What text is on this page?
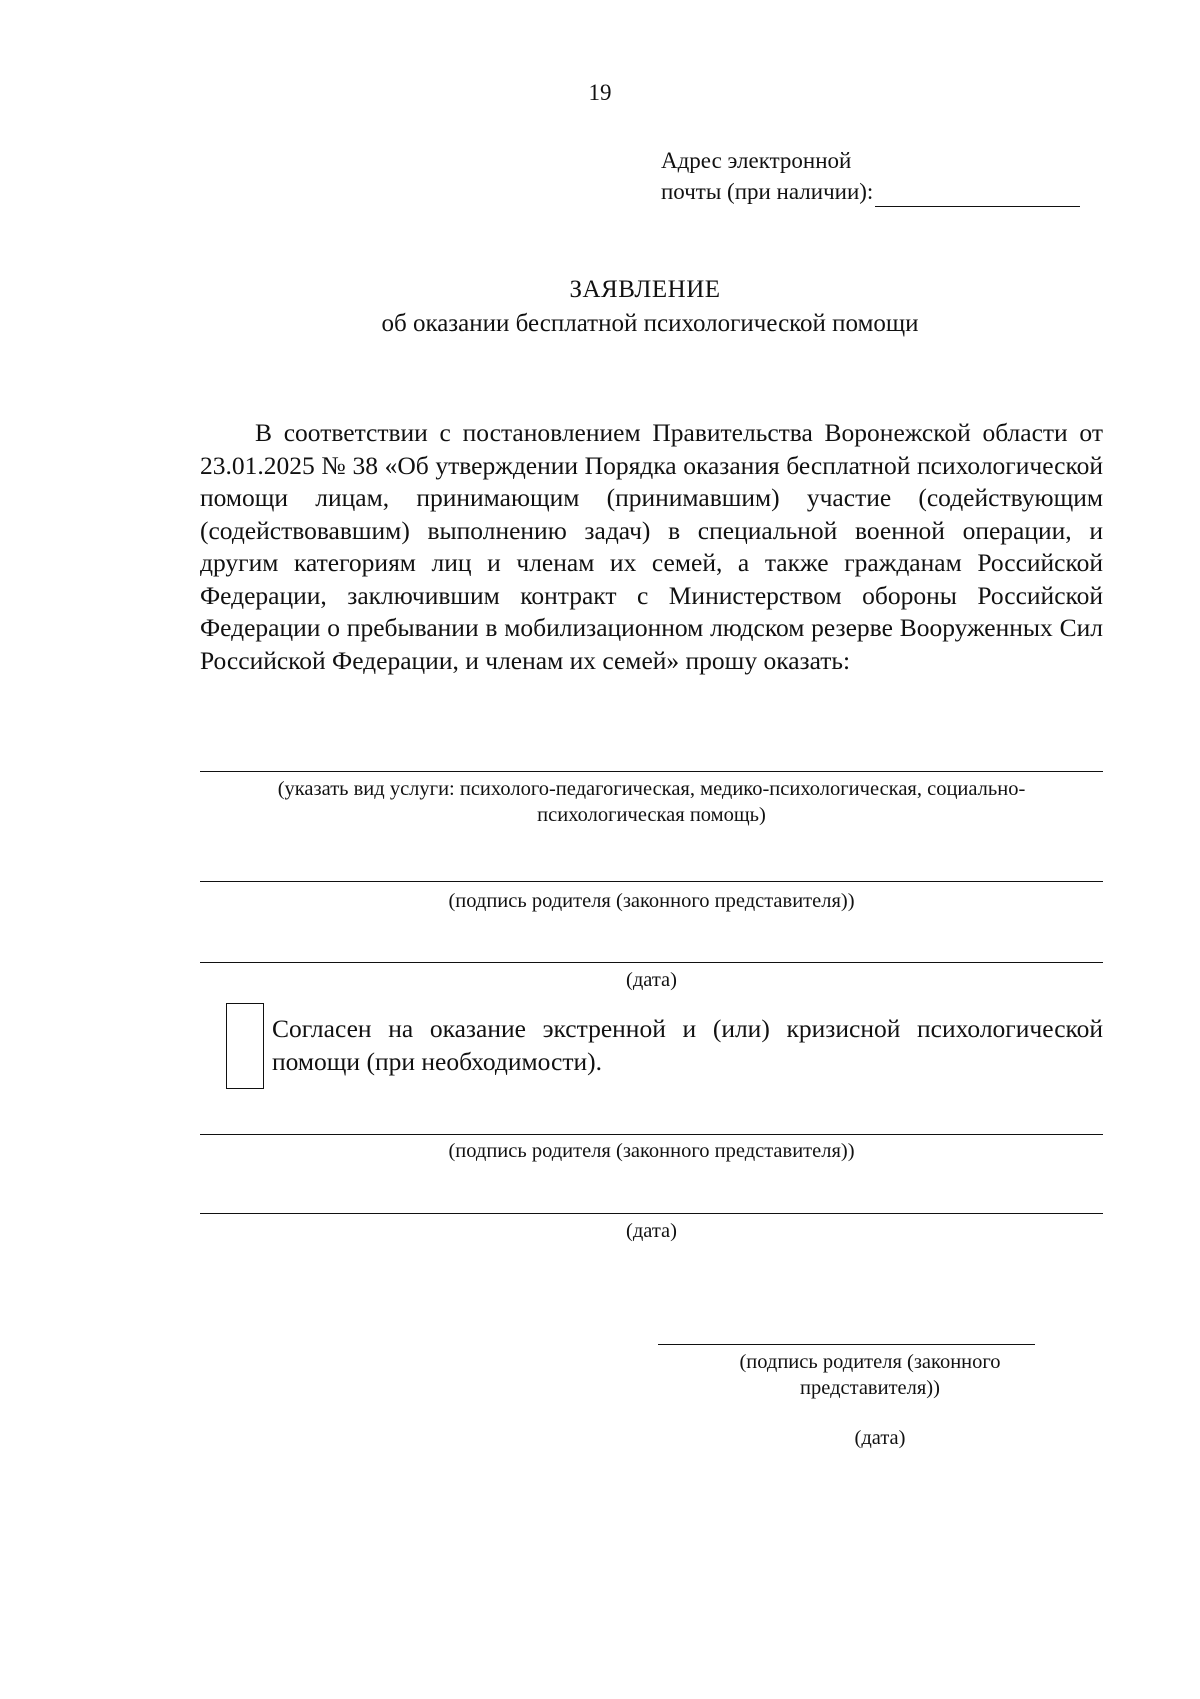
19
Адрес электронной
почты (при наличии):
ЗАЯВЛЕНИЕ
об оказании бесплатной психологической помощи

В соответствии с постановлением Правительства Воронежской области от 23.01.2025 № 38 «Об утверждении Порядка оказания бесплатной психологической помощи лицам, принимающим (принимавшим) участие (содействующим (содействовавшим) выполнению задач) в специальной военной операции, и другим категориям лиц и членам их семей, а также гражданам Российской Федерации, заключившим контракт с Министерством обороны Российской Федерации о пребывании в мобилизационном людском резерве Вооруженных Сил Российской Федерации, и членам их семей» прошу оказать:

(указать вид услуги: психолого-педагогическая, медико-психологическая, социально-
психологическая помощь)
(подпись родителя (законного представителя))
(дата)

Согласен на оказание экстренной и (или) кризисной психологической помощи (при необходимости).

(подпись родителя (законного представителя))
(дата)
(подпись родителя (законного
представителя))
(дата)
